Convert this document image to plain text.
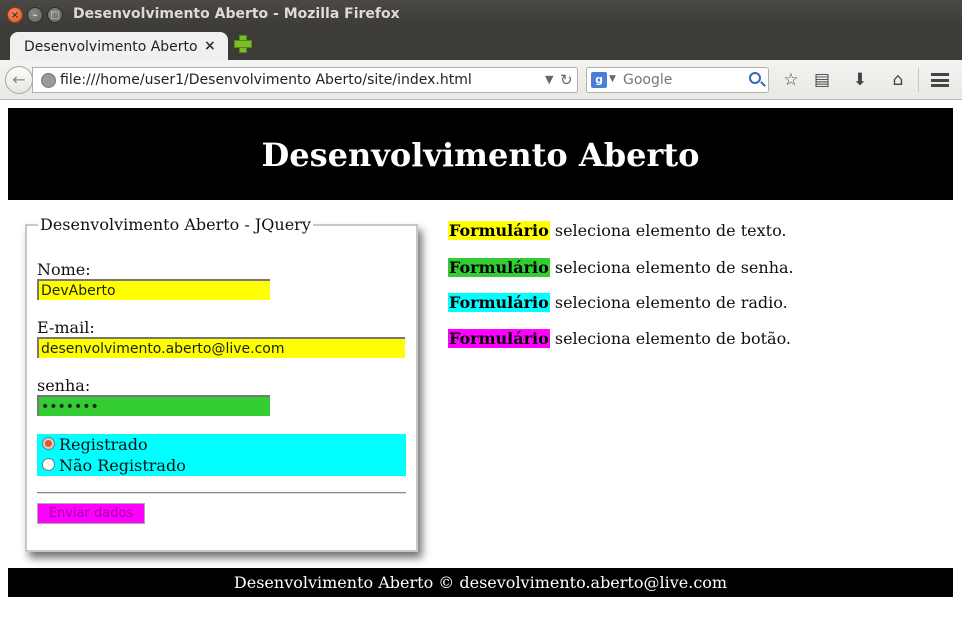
×	–	□ Desenvolvimento Aberto - Mozilla Firefox
Desenvolvimento Aberto ×
file:///home/user1/Desenvolvimento Aberto/site/index.html	▼ ↻
←	g ▼
Google	☆ ▤ ⬇	⌂
Desenvolvimento Aberto
Desenvolvimento Aberto - JQuery
Nome:
DevAberto
E-mail:
desenvolvimento.aberto@live.com
senha:
•••••••
Registrado
Não Registrado
Enviar dados
Formulário seleciona elemento de texto.
Formulário seleciona elemento de senha.
Formulário seleciona elemento de radio.
Formulário seleciona elemento de botão.
Desenvolvimento Aberto © desevolvimento.aberto@live.com
